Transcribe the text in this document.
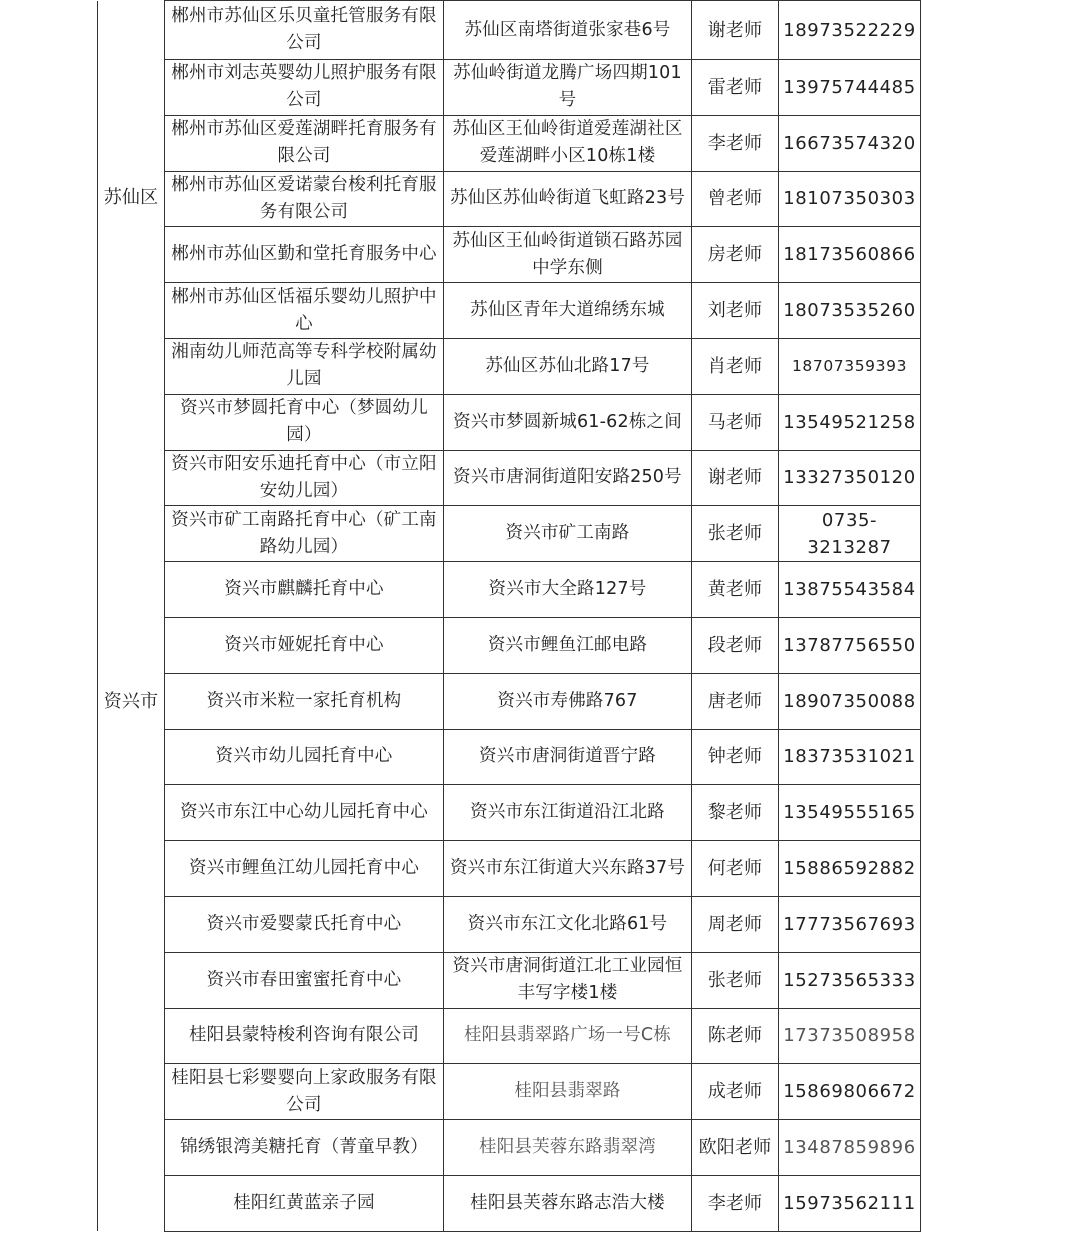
苏仙区	郴州市苏仙区乐贝童托管服务有限公司	苏仙区南塔街道张家巷6号	谢老师	18973522229
	郴州市刘志英婴幼儿照护服务有限公司	苏仙岭街道龙腾广场四期101号	雷老师	13975744485
	郴州市苏仙区爱莲湖畔托育服务有限公司	苏仙区王仙岭街道爱莲湖社区爱莲湖畔小区10栋1楼	李老师	16673574320
	郴州市苏仙区爱诺蒙台梭利托育服务有限公司	苏仙区苏仙岭街道飞虹路23号	曾老师	18107350303
	郴州市苏仙区勤和堂托育服务中心	苏仙区王仙岭街道锁石路苏园中学东侧	房老师	18173560866
	郴州市苏仙区恬福乐婴幼儿照护中心	苏仙区青年大道绵绣东城	刘老师	18073535260
	湘南幼儿师范高等专科学校附属幼儿园	苏仙区苏仙北路17号	肖老师	18707359393
资兴市	资兴市梦圆托育中心（梦圆幼儿园）	资兴市梦圆新城61-62栋之间	马老师	13549521258
	资兴市阳安乐迪托育中心（市立阳安幼儿园）	资兴市唐洞街道阳安路250号	谢老师	13327350120
	资兴市矿工南路托育中心（矿工南路幼儿园）	资兴市矿工南路	张老师	0735-3213287
	资兴市麒麟托育中心	资兴市大全路127号	黄老师	13875543584
	资兴市娅妮托育中心	资兴市鲤鱼江邮电路	段老师	13787756550
	资兴市米粒一家托育机构	资兴市寿佛路767	唐老师	18907350088
	资兴市幼儿园托育中心	资兴市唐洞街道晋宁路	钟老师	18373531021
	资兴市东江中心幼儿园托育中心	资兴市东江街道沿江北路	黎老师	13549555165
	资兴市鲤鱼江幼儿园托育中心	资兴市东江街道大兴东路37号	何老师	15886592882
	资兴市爱婴蒙氏托育中心	资兴市东江文化北路61号	周老师	17773567693
	资兴市春田蜜蜜托育中心	资兴市唐洞街道江北工业园恒丰写字楼1楼	张老师	15273565333
	桂阳县蒙特梭利咨询有限公司	桂阳县翡翠路广场一号C栋	陈老师	17373508958
	桂阳县七彩婴婴向上家政服务有限公司	桂阳县翡翠路	成老师	15869806672
	锦绣银湾美糖托育（菁童早教）	桂阳县芙蓉东路翡翠湾	欧阳老师	13487859896
	桂阳红黄蓝亲子园	桂阳县芙蓉东路志浩大楼	李老师	15973562111
